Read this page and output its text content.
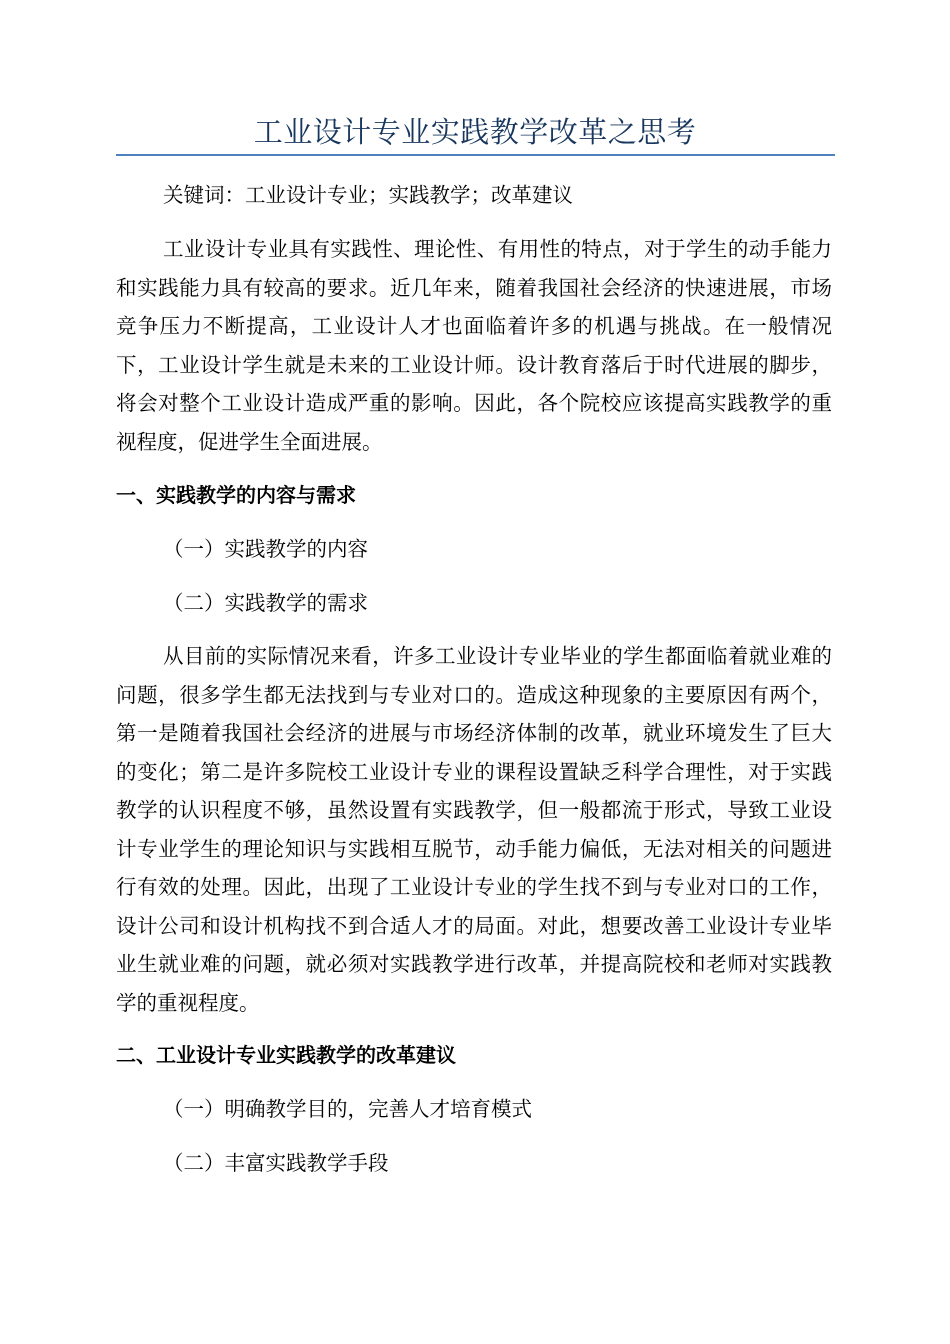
工业设计专业实践教学改革之思考

关键词：工业设计专业；实践教学；改革建议

工业设计专业具有实践性、理论性、有用性的特点，对于学生的动手能力和实践能力具有较高的要求。近几年来，随着我国社会经济的快速进展，市场竞争压力不断提高，工业设计人才也面临着许多的机遇与挑战。在一般情况下，工业设计学生就是未来的工业设计师。设计教育落后于时代进展的脚步，将会对整个工业设计造成严重的影响。因此，各个院校应该提高实践教学的重视程度，促进学生全面进展。

一、实践教学的内容与需求

（一）实践教学的内容

（二）实践教学的需求

从目前的实际情况来看，许多工业设计专业毕业的学生都面临着就业难的问题，很多学生都无法找到与专业对口的。造成这种现象的主要原因有两个，第一是随着我国社会经济的进展与市场经济体制的改革，就业环境发生了巨大的变化；第二是许多院校工业设计专业的课程设置缺乏科学合理性，对于实践教学的认识程度不够，虽然设置有实践教学，但一般都流于形式，导致工业设计专业学生的理论知识与实践相互脱节，动手能力偏低，无法对相关的问题进行有效的处理。因此，出现了工业设计专业的学生找不到与专业对口的工作，设计公司和设计机构找不到合适人才的局面。对此，想要改善工业设计专业毕业生就业难的问题，就必须对实践教学进行改革，并提高院校和老师对实践教学的重视程度。

二、工业设计专业实践教学的改革建议

（一）明确教学目的，完善人才培育模式

（二）丰富实践教学手段
